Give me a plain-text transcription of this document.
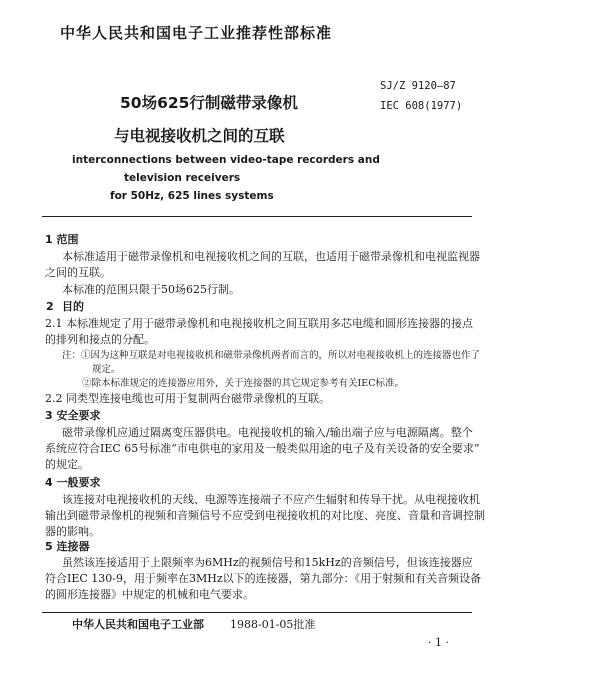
中华人民共和国电子工业推荐性部标准
50场625行制磁带录像机
与电视接收机之间的互联
SJ/Z 9120—87
IEC 608(1977)
interconnections between video-tape recorders and
television receivers
for 50Hz, 625 lines systems
1 范围
本标准适用于磁带录像机和电视接收机之间的互联，也适用于磁带录像机和电视监视器
之间的互联。
本标准的范围只限于50场625行制。
2 目的
2.1 本标准规定了用于磁带录像机和电视接收机之间互联用多芯电缆和圆形连接器的接点
的排列和接点的分配。
注：①因为这种互联是对电视接收机和磁带录像机两者而言的，所以对电视接收机上的连接器也作了
规定。
②除本标准规定的连接器应用外，关于连接器的其它规定参考有关IEC标准。
2.2 同类型连接电缆也可用于复制两台磁带录像机的互联。
3 安全要求
磁带录像机应通过隔离变压器供电。电视接收机的输入/输出端子应与电源隔离。整个
系统应符合IEC 65号标准“市电供电的家用及一般类似用途的电子及有关设备的安全要求”
的规定。
4 一般要求
该连接对电视接收机的天线、电源等连接端子不应产生辐射和传导干扰。从电视接收机
输出到磁带录像机的视频和音频信号不应受到电视接收机的对比度、亮度、音量和音调控制
器的影响。
5 连接器
虽然该连接适用于上限频率为6MHz的视频信号和15kHz的音频信号，但该连接器应
符合IEC 130-9，用于频率在3MHz以下的连接器，第九部分：《用于射频和有关音频设备
的圆形连接器》中规定的机械和电气要求。
中华人民共和国电子工业部 1988-01-05批准
· 1 ·
